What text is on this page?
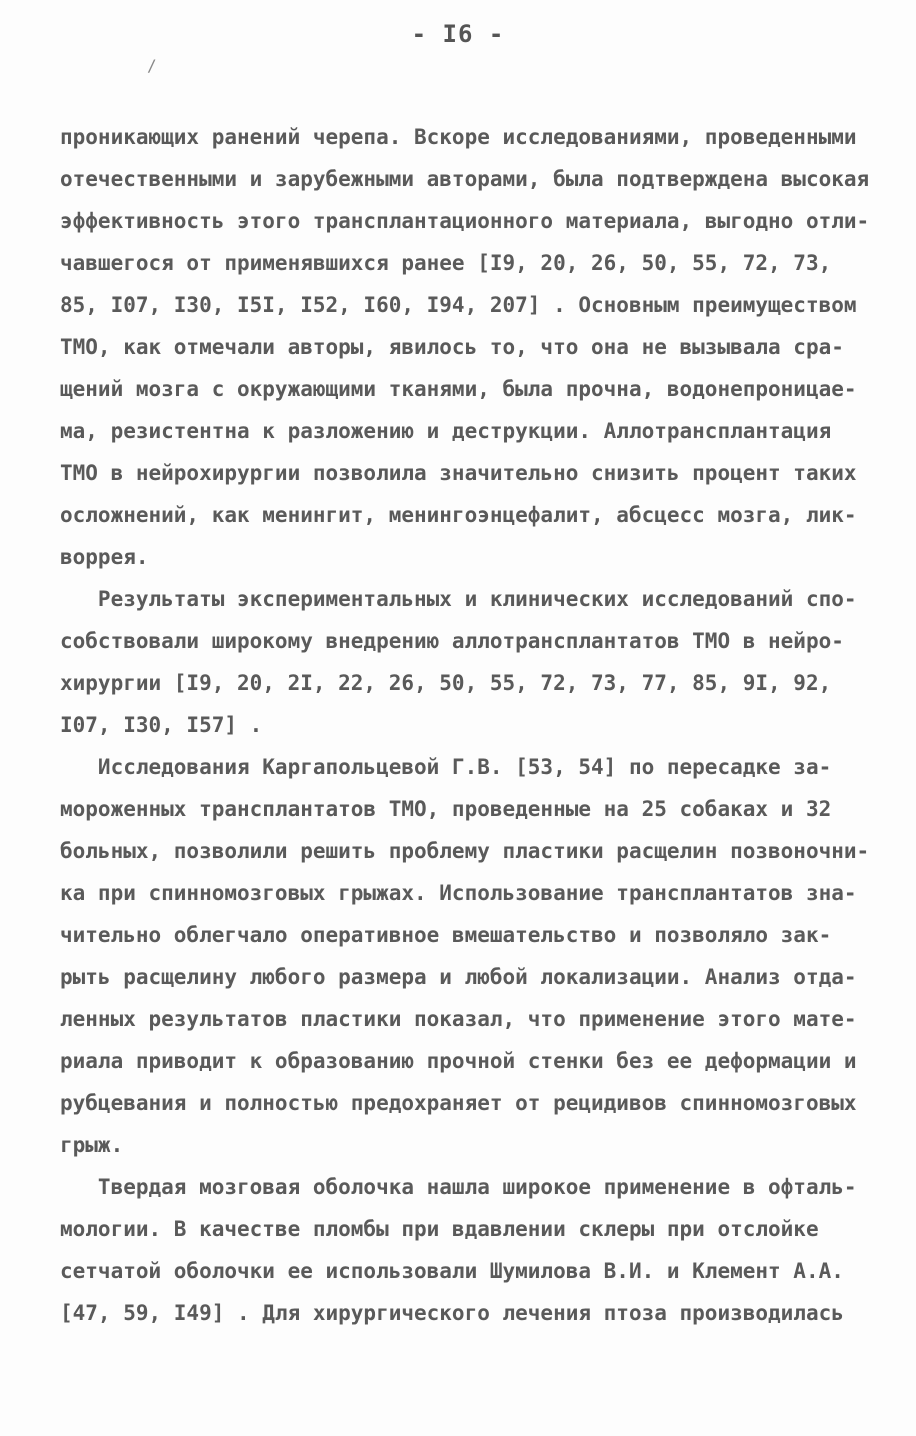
- I6 -
/
проникающих ранений черепа. Вскоре исследованиями, проведенными
отечественными и зарубежными авторами, была подтверждена высокая
эффективность этого трансплантационного материала, выгодно отли-
чавшегося от применявшихся ранее [I9, 20, 26, 50, 55, 72, 73,
85, I07, I30, I5I, I52, I60, I94, 207] . Основным преимуществом
ТМО, как отмечали авторы, явилось то, что она не вызывала сра-
щений мозга с окружающими тканями, была прочна, водонепроницае-
ма, резистентна к разложению и деструкции. Аллотрансплантация
ТМО в нейрохирургии позволила значительно снизить процент таких
осложнений, как менингит, менингоэнцефалит, абсцесс мозга, лик-
воррея.
Результаты экспериментальных и клинических исследований спо-
собствовали широкому внедрению аллотрансплантатов ТМО в нейро-
хирургии [I9, 20, 2I, 22, 26, 50, 55, 72, 73, 77, 85, 9I, 92,
I07, I30, I57] .
Исследования Каргапольцевой Г.В. [53, 54] по пересадке за-
мороженных трансплантатов ТМО, проведенные на 25 собаках и 32
больных, позволили решить проблему пластики расщелин позвоночни-
ка при спинномозговых грыжах. Использование трансплантатов зна-
чительно облегчало оперативное вмешательство и позволяло зак-
рыть расщелину любого размера и любой локализации. Анализ отда-
ленных результатов пластики показал, что применение этого мате-
риала приводит к образованию прочной стенки без ее деформации и
рубцевания и полностью предохраняет от рецидивов спинномозговых
грыж.
Твердая мозговая оболочка нашла широкое применение в офталь-
мологии. В качестве пломбы при вдавлении склеры при отслойке
сетчатой оболочки ее использовали Шумилова В.И. и Клемент А.А.
[47, 59, I49] . Для хирургического лечения птоза производилась
